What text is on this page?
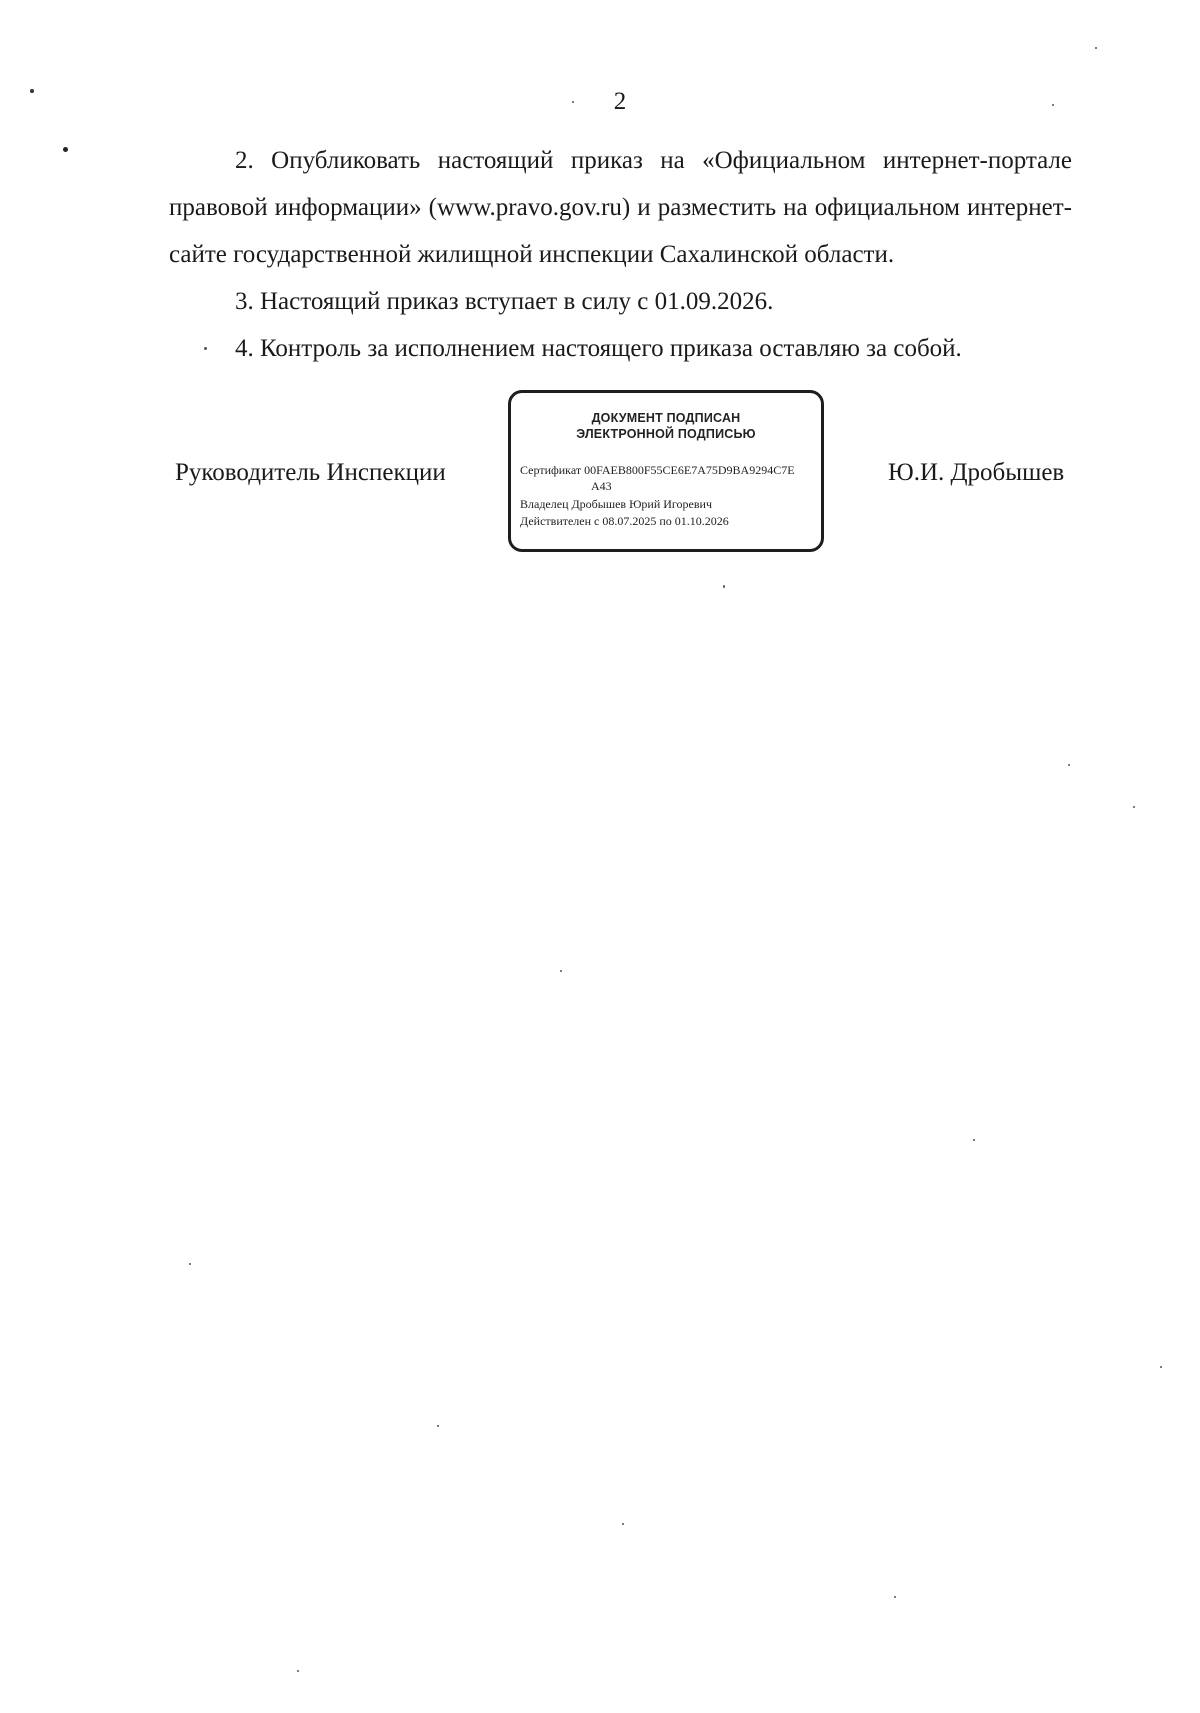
2
2. Опубликовать настоящий приказ на «Официальном интернет-портале правовой информации» (www.pravo.gov.ru) и разместить на официальном интернет-сайте государственной жилищной инспекции Сахалинской области.
3. Настоящий приказ вступает в силу с 01.09.2026.
4. Контроль за исполнением настоящего приказа оставляю за собой.
Руководитель Инспекции
ДОКУМЕНТ ПОДПИСАН
ЭЛЕКТРОННОЙ ПОДПИСЬЮ
Сертификат 00FAEB800F55CE6E7A75D9BA9294C7E
A43
Владелец Дробышев Юрий Игоревич
Действителен с 08.07.2025 по 01.10.2026
Ю.И. Дробышев
